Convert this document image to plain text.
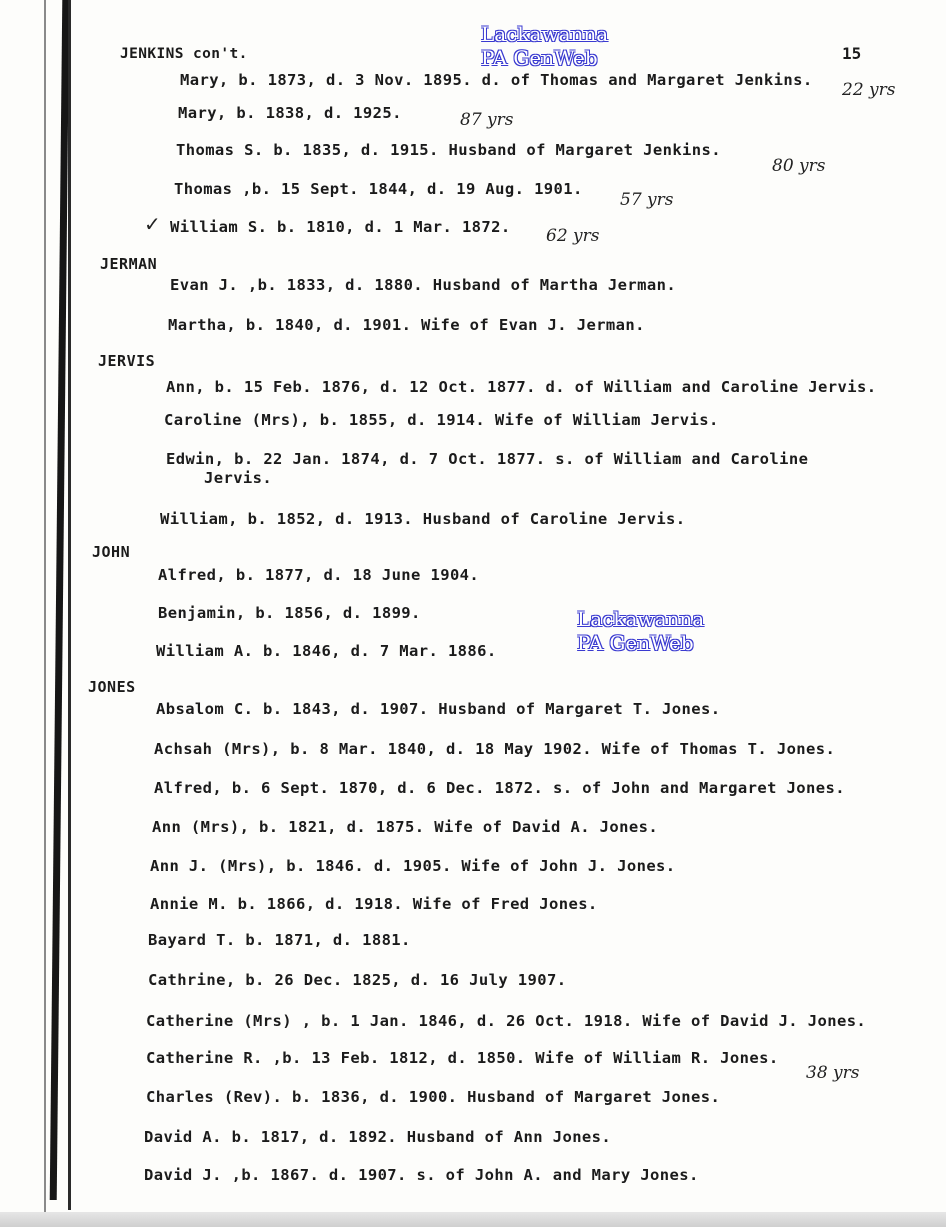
Lackawanna
PA GenWeb
Lackawanna
PA GenWeb
JENKINS con't.	15
Mary, b. 1873, d. 3 Nov. 1895. d. of Thomas and Margaret Jenkins. 22 yrs
Mary, b. 1838, d. 1925.	87 yrs
Thomas S. b. 1835, d. 1915. Husband of Margaret Jenkins.
80 yrs
Thomas ,b. 15 Sept. 1844, d. 19 Aug. 1901.
57 yrs
✓ William S. b. 1810, d. 1 Mar. 1872. 62 yrs
JERMAN
Evan J. ,b. 1833, d. 1880. Husband of Martha Jerman.
Martha, b. 1840, d. 1901. Wife of Evan J. Jerman.
JERVIS
Ann, b. 15 Feb. 1876, d. 12 Oct. 1877. d. of William and Caroline Jervis.
Caroline (Mrs), b. 1855, d. 1914. Wife of William Jervis.
Edwin, b. 22 Jan. 1874, d. 7 Oct. 1877. s. of William and Caroline
Jervis.
William, b. 1852, d. 1913. Husband of Caroline Jervis.
JOHN
Alfred, b. 1877, d. 18 June 1904.
Benjamin, b. 1856, d. 1899.
William A. b. 1846, d. 7 Mar. 1886.
JONES
Absalom C. b. 1843, d. 1907. Husband of Margaret T. Jones.
Achsah (Mrs), b. 8 Mar. 1840, d. 18 May 1902. Wife of Thomas T. Jones.
Alfred, b. 6 Sept. 1870, d. 6 Dec. 1872. s. of John and Margaret Jones.
Ann (Mrs), b. 1821, d. 1875. Wife of David A. Jones.
Ann J. (Mrs), b. 1846. d. 1905. Wife of John J. Jones.
Annie M. b. 1866, d. 1918. Wife of Fred Jones.
Bayard T. b. 1871, d. 1881.
Cathrine, b. 26 Dec. 1825, d. 16 July 1907.
Catherine (Mrs) , b. 1 Jan. 1846, d. 26 Oct. 1918. Wife of David J. Jones.
Catherine R. ,b. 13 Feb. 1812, d. 1850. Wife of William R. Jones.
38 yrs
Charles (Rev). b. 1836, d. 1900. Husband of Margaret Jones.
David A. b. 1817, d. 1892. Husband of Ann Jones.
David J. ,b. 1867. d. 1907. s. of John A. and Mary Jones.
